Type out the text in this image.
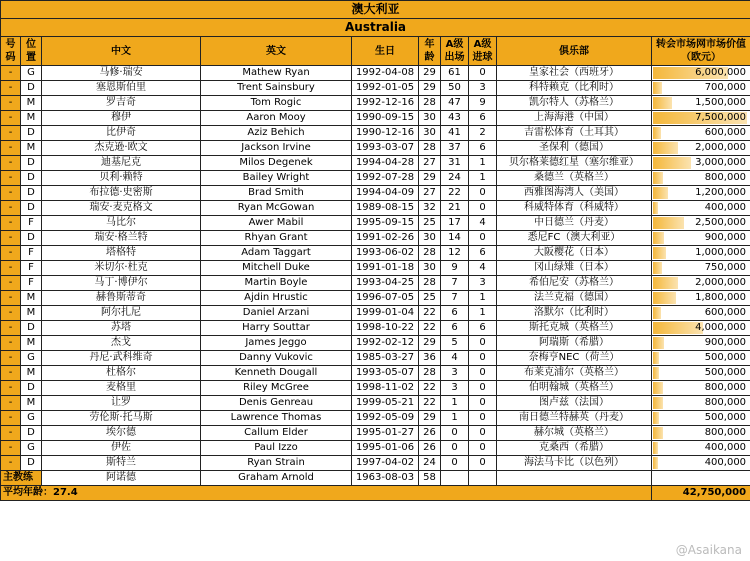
澳大利亚									
Australia									
号码	位置	中文	英文	生日	年龄	A级出场	A级进球	俱乐部	转会市场网市场价值（欧元）
-	G	马修·瑞安	Mathew Ryan	1992-04-08	29	61	0	皇家社会（西班牙）	6,000,000
-	D	塞恩斯伯里	Trent Sainsbury	1992-01-05	29	50	3	科特赖克（比利时）	700,000
-	M	罗吉奇	Tom Rogic	1992-12-16	28	47	9	凯尔特人（苏格兰）	1,500,000
-	M	穆伊	Aaron Mooy	1990-09-15	30	43	6	上海海港（中国）	7,500,000
-	D	比伊奇	Aziz Behich	1990-12-16	30	41	2	吉雷松体育（土耳其）	600,000
-	M	杰克逊·欧文	Jackson Irvine	1993-03-07	28	37	6	圣保利（德国）	2,000,000
-	D	迪基尼克	Milos Degenek	1994-04-28	27	31	1	贝尔格莱德红星（塞尔维亚）	3,000,000
-	D	贝利·赖特	Bailey Wright	1992-07-28	29	24	1	桑德兰（英格兰）	800,000
-	D	布拉德·史密斯	Brad Smith	1994-04-09	27	22	0	西雅图海湾人（美国）	1,200,000
-	D	瑞安·麦克格文	Ryan McGowan	1989-08-15	32	21	0	科威特体育（科威特）	400,000
-	F	马比尔	Awer Mabil	1995-09-15	25	17	4	中日德兰（丹麦）	2,500,000
-	D	瑞安·格兰特	Rhyan Grant	1991-02-26	30	14	0	悉尼FC（澳大利亚）	900,000
-	F	塔格特	Adam Taggart	1993-06-02	28	12	6	大阪樱花（日本）	1,000,000
-	F	米切尔·杜克	Mitchell Duke	1991-01-18	30	9	4	冈山绿雉（日本）	750,000
-	F	马丁·博伊尔	Martin Boyle	1993-04-25	28	7	3	希伯尼安（苏格兰）	2,000,000
-	M	赫鲁斯蒂奇	Ajdin Hrustic	1996-07-05	25	7	1	法兰克福（德国）	1,800,000
-	M	阿尔扎尼	Daniel Arzani	1999-01-04	22	6	1	洛默尔（比利时）	600,000
-	D	苏塔	Harry Souttar	1998-10-22	22	6	6	斯托克城（英格兰）	4,000,000
-	M	杰戈	James Jeggo	1992-02-12	29	5	0	阿瑞斯（希腊）	900,000
-	G	丹尼·武科维奇	Danny Vukovic	1985-03-27	36	4	0	奈梅亨NEC（荷兰）	500,000
-	M	杜格尔	Kenneth Dougall	1993-05-07	28	3	0	布莱克浦尔（英格兰）	500,000
-	D	麦格里	Riley McGree	1998-11-02	22	3	0	伯明翰城（英格兰）	800,000
-	M	让罗	Denis Genreau	1999-05-21	22	1	0	图卢兹（法国）	800,000
-	G	劳伦斯·托马斯	Lawrence Thomas	1992-05-09	29	1	0	南日德兰特赫英（丹麦）	500,000
-	D	埃尔德	Callum Elder	1995-01-27	26	0	0	赫尔城（英格兰）	800,000
-	G	伊佐	Paul Izzo	1995-01-06	26	0	0	克桑西（希腊）	400,000
-	D	斯特兰	Ryan Strain	1997-04-02	24	0	0	海法马卡比（以色列）	400,000
主教练		阿诺德	Graham Arnold	1963-08-03	58				
平均年龄：27.4									42,750,000
@Asaikana
